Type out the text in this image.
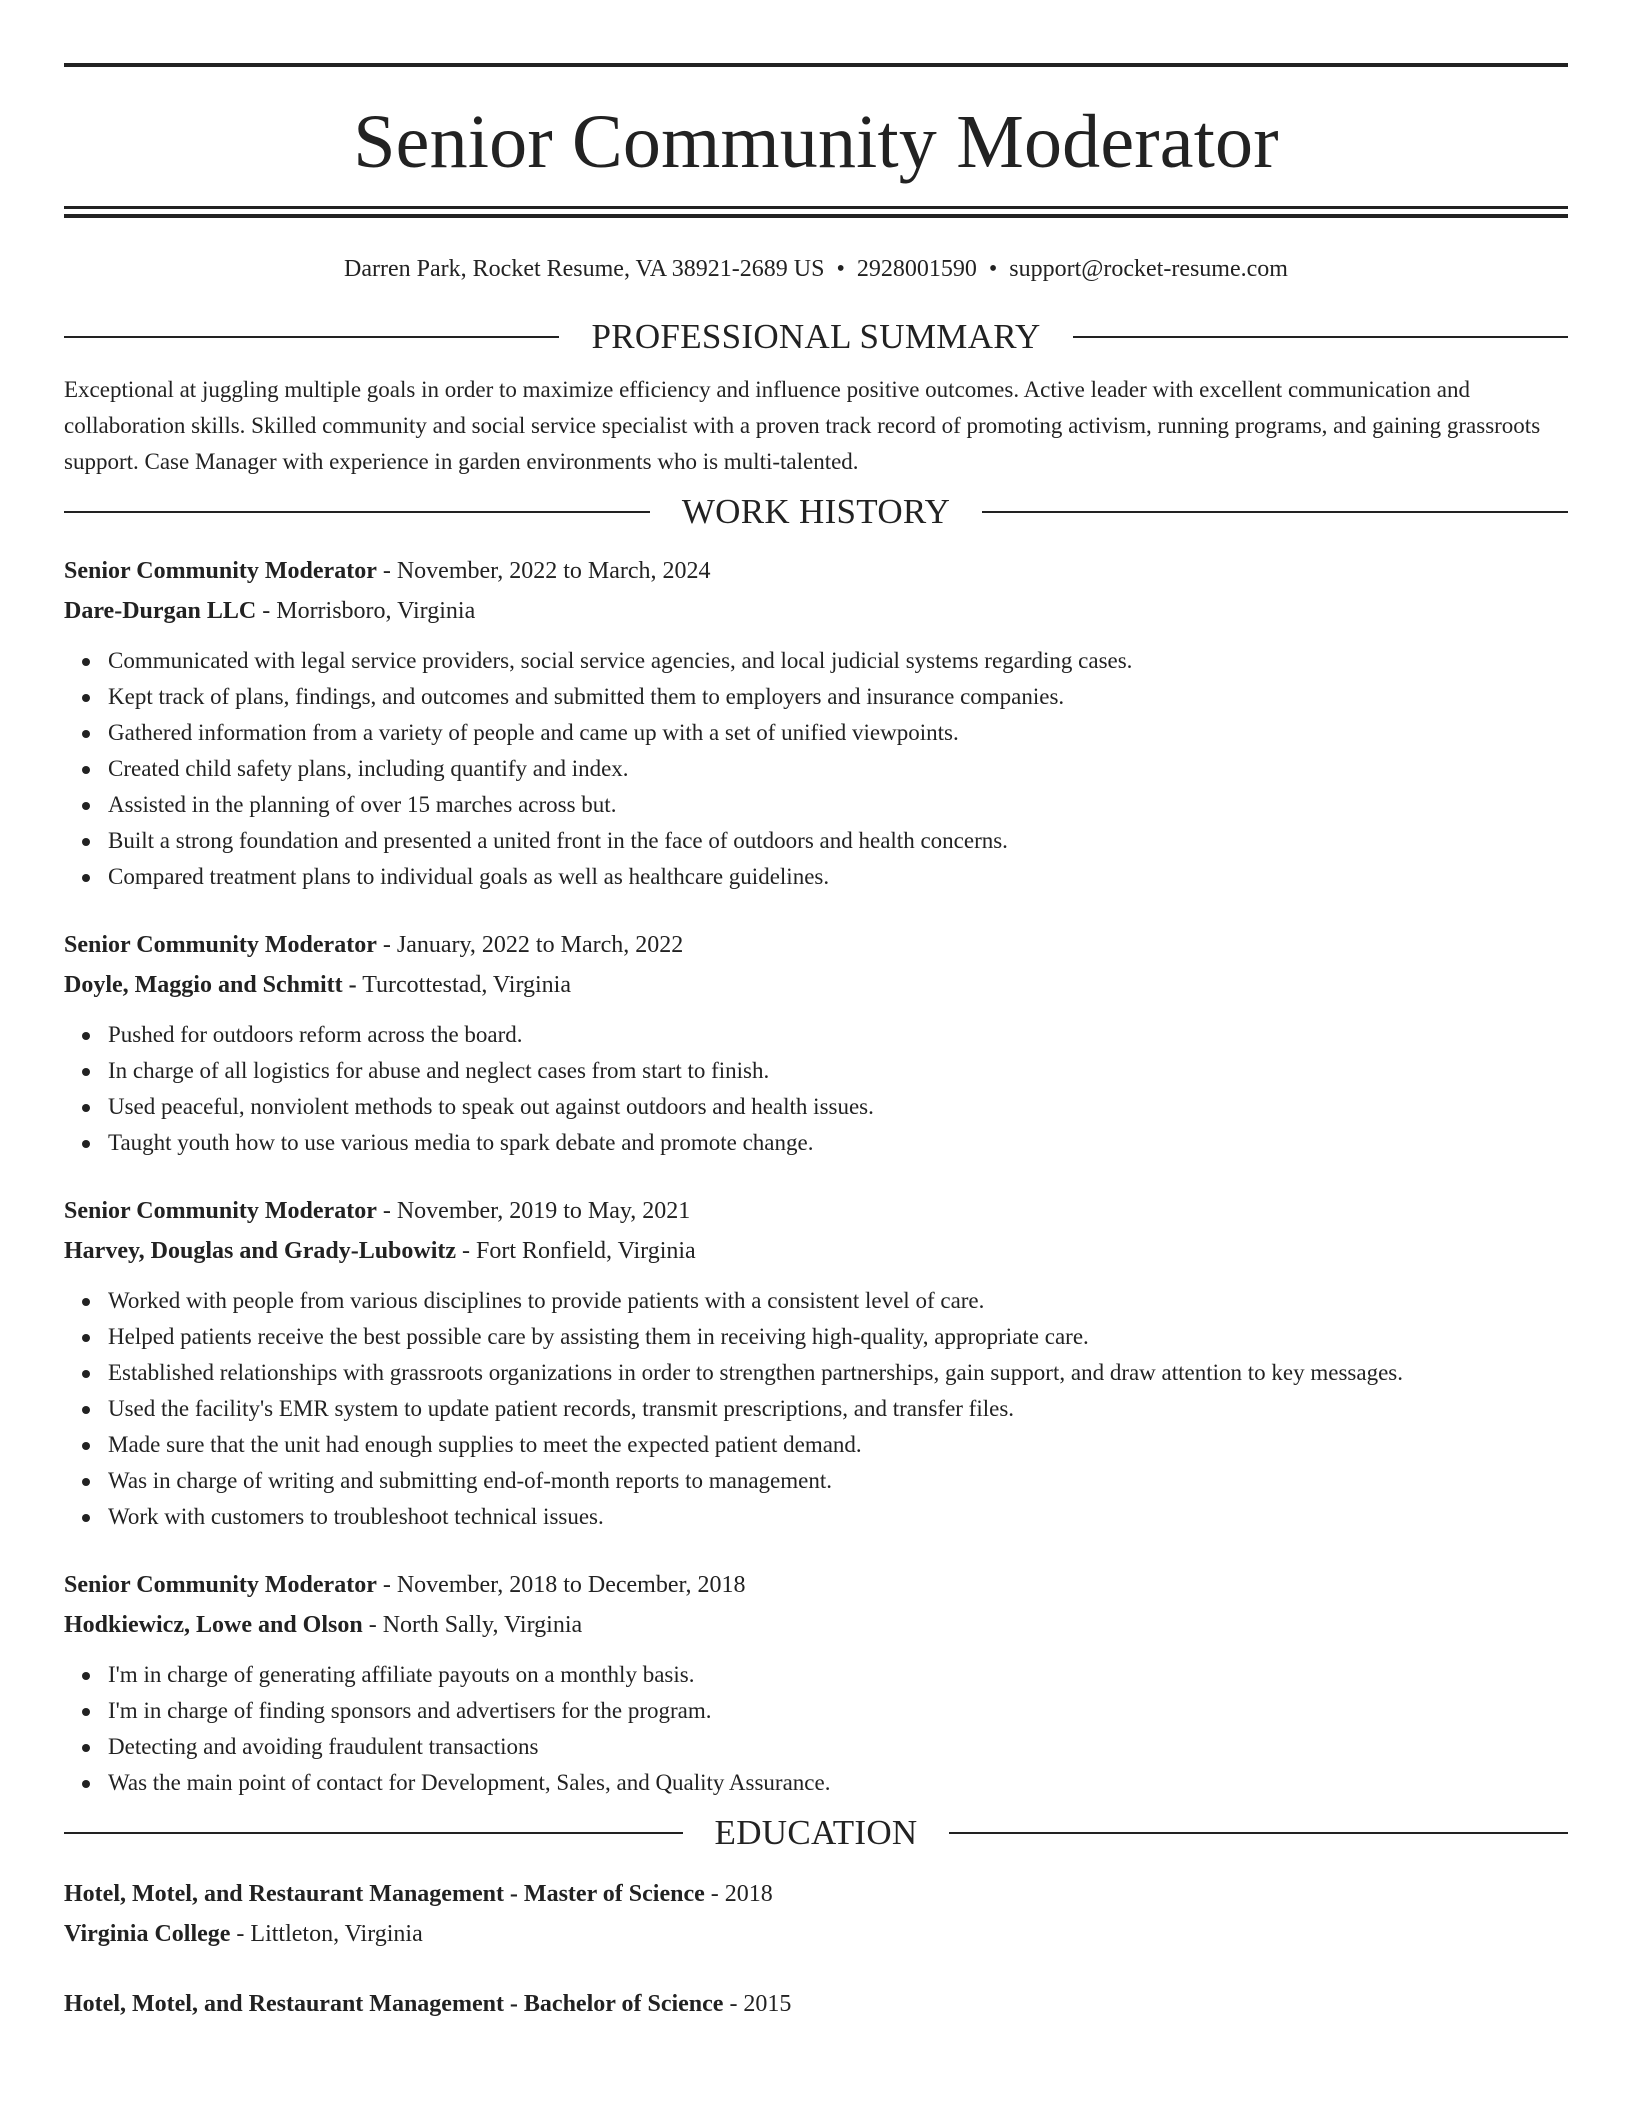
Senior Community Moderator
Darren Park, Rocket Resume, VA 38921-2689 US • 2928001590 • support@rocket-resume.com
PROFESSIONAL SUMMARY

Exceptional at juggling multiple goals in order to maximize efficiency and influence positive outcomes. Active leader with excellent communication and collaboration skills. Skilled community and social service specialist with a proven track record of promoting activism, running programs, and gaining grassroots support. Case Manager with experience in garden environments who is multi-talented.

WORK HISTORY
Senior Community Moderator - November, 2022 to March, 2024
Dare-Durgan LLC - Morrisboro, Virginia
Communicated with legal service providers, social service agencies, and local judicial systems regarding cases.
Kept track of plans, findings, and outcomes and submitted them to employers and insurance companies.
Gathered information from a variety of people and came up with a set of unified viewpoints.
Created child safety plans, including quantify and index.
Assisted in the planning of over 15 marches across but.
Built a strong foundation and presented a united front in the face of outdoors and health concerns.
Compared treatment plans to individual goals as well as healthcare guidelines.
Senior Community Moderator - January, 2022 to March, 2022
Doyle, Maggio and Schmitt - Turcottestad, Virginia
Pushed for outdoors reform across the board.
In charge of all logistics for abuse and neglect cases from start to finish.
Used peaceful, nonviolent methods to speak out against outdoors and health issues.
Taught youth how to use various media to spark debate and promote change.
Senior Community Moderator - November, 2019 to May, 2021
Harvey, Douglas and Grady-Lubowitz - Fort Ronfield, Virginia
Worked with people from various disciplines to provide patients with a consistent level of care.
Helped patients receive the best possible care by assisting them in receiving high-quality, appropriate care.
Established relationships with grassroots organizations in order to strengthen partnerships, gain support, and draw attention to key messages.
Used the facility's EMR system to update patient records, transmit prescriptions, and transfer files.
Made sure that the unit had enough supplies to meet the expected patient demand.
Was in charge of writing and submitting end-of-month reports to management.
Work with customers to troubleshoot technical issues.
Senior Community Moderator - November, 2018 to December, 2018
Hodkiewicz, Lowe and Olson - North Sally, Virginia
I'm in charge of generating affiliate payouts on a monthly basis.
I'm in charge of finding sponsors and advertisers for the program.
Detecting and avoiding fraudulent transactions
Was the main point of contact for Development, Sales, and Quality Assurance.
EDUCATION
Hotel, Motel, and Restaurant Management - Master of Science - 2018
Virginia College - Littleton, Virginia
Hotel, Motel, and Restaurant Management - Bachelor of Science - 2015
